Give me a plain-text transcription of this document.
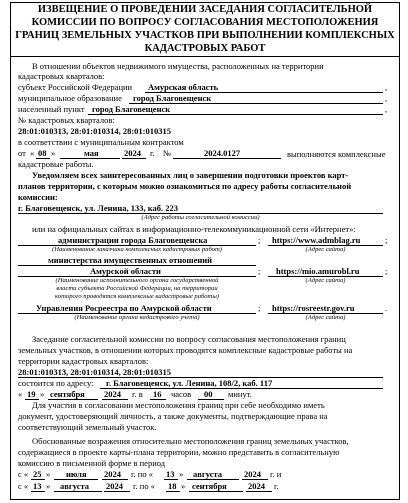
ИЗВЕЩЕНИЕ О ПРОВЕДЕНИИ ЗАСЕДАНИЯ СОГЛАСИТЕЛЬНОЙ
КОМИССИИ ПО ВОПРОСУ СОГЛАСОВАНИЯ МЕСТОПОЛОЖЕНИЯ
ГРАНИЦ ЗЕМЕЛЬНЫХ УЧАСТКОВ ПРИ ВЫПОЛНЕНИИ КОМПЛЕКСНЫХ
КАДАСТРОВЫХ РАБОТ
В отношении объектов недвижимого имущества, расположенных на территории
кадастровых кварталов:
субъект Российской Федерации Амурская область	,
муниципальное образование город Благовещенск	,
населенный пункт город Благовещенск	,
№ кадастровых кварталов:
28:01:010313, 28:01:010314, 28:01:010315
в соответствии с муниципальным контрактом
от « 08 »	мая	2024 г. №	2024.0127	выполняются комплексные
кадастровые работы.
Уведомляем всех заинтересованных лиц о завершении подготовки проектов карт-
планов территории, с которым можно ознакомиться по адресу работы согласительной
комиссии:
г. Благовещенск, ул. Ленина, 133, каб. 223
(Адрес работы согласительной комиссии)
или на официальных сайтах в информационно-телекоммуникационной сети «Интернет»:
администрации города Благовещенска	; https://www.admblag.ru	;
(Наименование заказчика комплексных кадастровых работ)	(Адрес сайта)
министерства имущественных отношений
Амурской области	; https://mio.amurobl.ru	;
(Наименование исполнительного органа государственной
власти субъекта Российской Федерации, на территории
которого проводятся комплексные кадастровые работы)
(Адрес сайта)
Управления Росреестра по Амурской области	; https://rosreestr.gov.ru	.
(Наименование органа кадастрового учета)	(Адрес сайта)
Заседание согласительной комиссии по вопросу согласования местоположения границ
земельных участков, в отношении которых проводятся комплексные кадастровые работы на
территории кадастровых кварталов:
28:01:010313, 28:01:010314, 28:01:010315
состоится по адресу: г. Благовещенск, ул. Ленина, 108/2, каб. 117
« 19 » сентября 2024 г. в 16 часов 00 минут.
Для участия в согласовании местоположения границ при себе необходимо иметь
документ, удостоверяющий личность, а также документы, подтверждающие права на
соответствующий земельный участок.
Обоснованные возражения относительно местоположения границ земельных участков,
содержащиеся в проекте карты-плана территории, можно представить в согласительную
комиссию в письменной форме в период
с « 25 » июля 2024 г. по « 13 » августа	2024 г. и
с « 13 » августа 2024 г. по « 18 » сентября 2024 г.
